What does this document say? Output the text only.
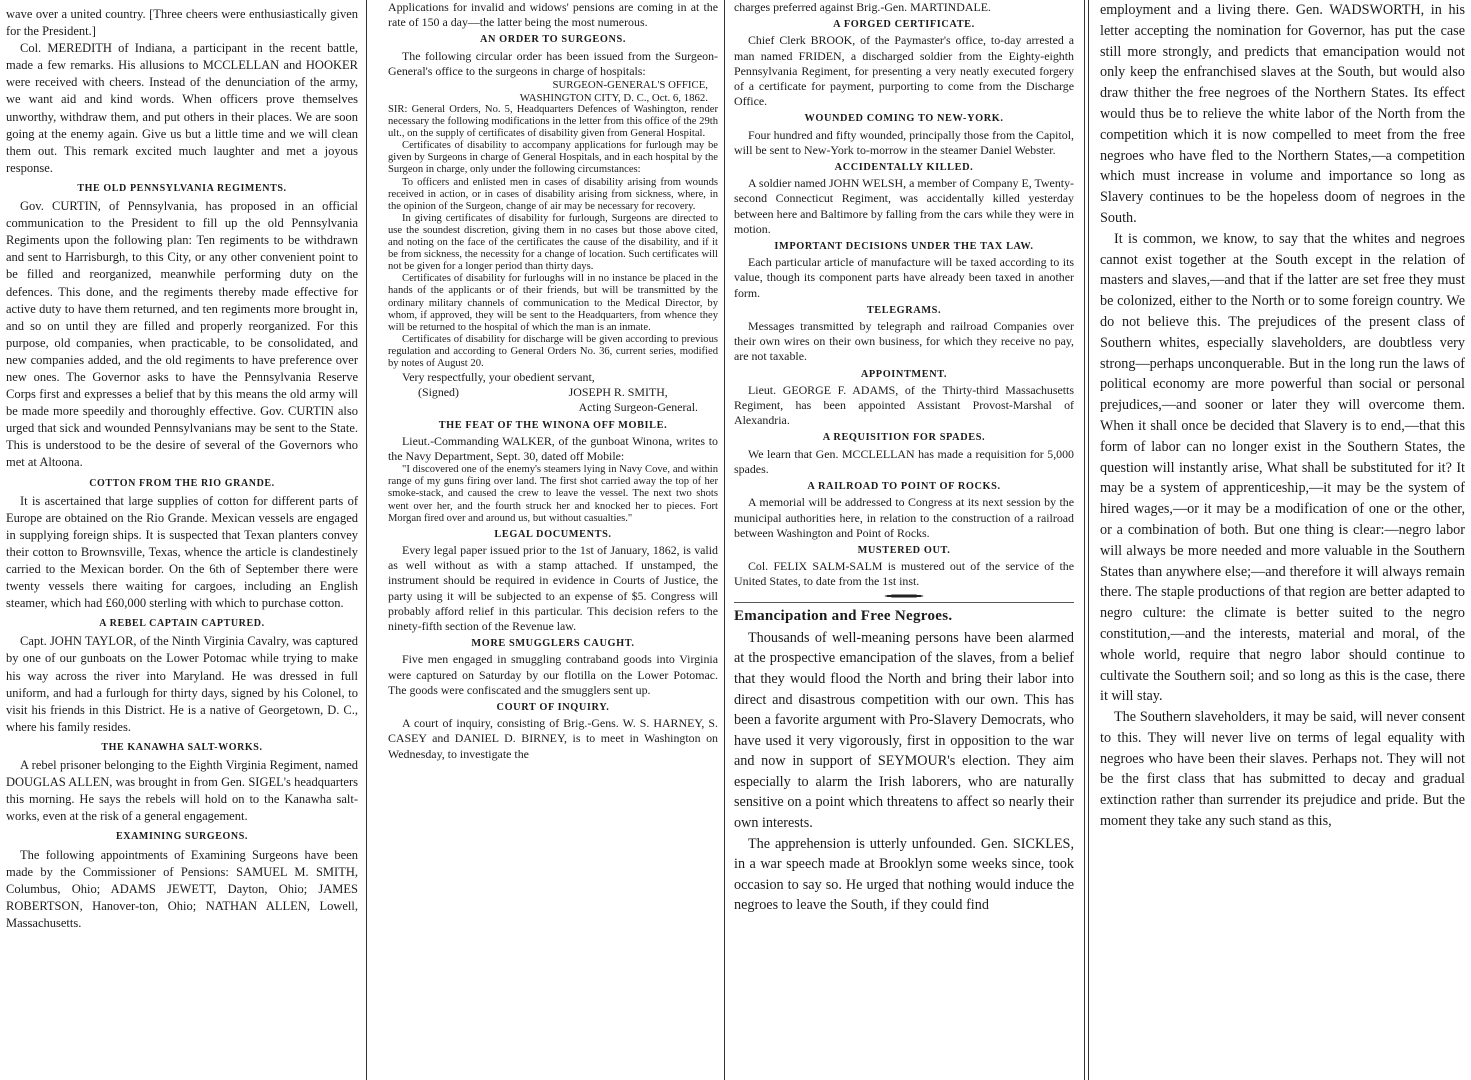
wave over a united country. [Three cheers were enthusiastically given for the President.]

Col. MEREDITH of Indiana, a participant in the recent battle, made a few remarks. His allusions to MCCLELLAN and HOOKER were received with cheers. Instead of the denunciation of the army, we want aid and kind words. When officers prove themselves unworthy, withdraw them, and put others in their places. We are soon going at the enemy again. Give us but a little time and we will clean them out. This remark excited much laughter and met a joyous response.

THE OLD PENNSYLVANIA REGIMENTS.

Gov. CURTIN, of Pennsylvania, has proposed in an official communication to the President to fill up the old Pennsylvania Regiments upon the following plan: Ten regiments to be withdrawn and sent to Harrisburgh, to this City, or any other convenient point to be filled and reorganized, meanwhile performing duty on the defences. This done, and the regiments thereby made effective for active duty to have them returned, and ten regiments more brought in, and so on until they are filled and properly reorganized. For this purpose, old companies, when practicable, to be consolidated, and new companies added, and the old regiments to have preference over new ones. The Governor asks to have the Pennsylvania Reserve Corps first and expresses a belief that by this means the old army will be made more speedily and thoroughly effective. Gov. CURTIN also urged that sick and wounded Pennsylvanians may be sent to the State. This is understood to be the desire of several of the Governors who met at Altoona.

COTTON FROM THE RIO GRANDE.

It is ascertained that large supplies of cotton for different parts of Europe are obtained on the Rio Grande. Mexican vessels are engaged in supplying foreign ships. It is suspected that Texan planters convey their cotton to Brownsville, Texas, whence the article is clandestinely carried to the Mexican border. On the 6th of September there were twenty vessels there waiting for cargoes, including an English steamer, which had £60,000 sterling with which to purchase cotton.

A REBEL CAPTAIN CAPTURED.

Capt. JOHN TAYLOR, of the Ninth Virginia Cavalry, was captured by one of our gunboats on the Lower Potomac while trying to make his way across the river into Maryland. He was dressed in full uniform, and had a furlough for thirty days, signed by his Colonel, to visit his friends in this District. He is a native of Georgetown, D. C., where his family resides.

THE KANAWHA SALT-WORKS.

A rebel prisoner belonging to the Eighth Virginia Regiment, named DOUGLAS ALLEN, was brought in from Gen. SIGEL's headquarters this morning. He says the rebels will hold on to the Kanawha salt-works, even at the risk of a general engagement.

EXAMINING SURGEONS.

The following appointments of Examining Surgeons have been made by the Commissioner of Pensions: SAMUEL M. SMITH, Columbus, Ohio; ADAMS JEWETT, Dayton, Ohio; JAMES ROBERTSON, Hanover-ton, Ohio; NATHAN ALLEN, Lowell, Massachusetts.

Applications for invalid and widows' pensions are coming in at the rate of 150 a day—the latter being the most numerous.

AN ORDER TO SURGEONS.

The following circular order has been issued from the Surgeon-General's office to the surgeons in charge of hospitals:

SURGEON-GENERAL'S OFFICE,

WASHINGTON CITY, D. C., Oct. 6, 1862.

SIR: General Orders, No. 5, Headquarters Defences of Washington, render necessary the following modifications in the letter from this office of the 29th ult., on the supply of certificates of disability given from General Hospital.

Certificates of disability to accompany applications for furlough may be given by Surgeons in charge of General Hospitals, and in each hospital by the Surgeon in charge, only under the following circumstances:

To officers and enlisted men in cases of disability arising from wounds received in action, or in cases of disability arising from sickness, where, in the opinion of the Surgeon, change of air may be necessary for recovery.

In giving certificates of disability for furlough, Surgeons are directed to use the soundest discretion, giving them in no cases but those above cited, and noting on the face of the certificates the cause of the disability, and if it be from sickness, the necessity for a change of location. Such certificates will not be given for a longer period than thirty days.

Certificates of disability for furloughs will in no instance be placed in the hands of the applicants or of their friends, but will be transmitted by the ordinary military channels of communication to the Medical Director, by whom, if approved, they will be sent to the Headquarters, from whence they will be returned to the hospital of which the man is an inmate.

Certificates of disability for discharge will be given according to previous regulation and according to General Orders No. 36, current series, modified by notes of August 20.

Very respectfully, your obedient servant,

(Signed)	JOSEPH R. SMITH,
Acting Surgeon-General.
THE FEAT OF THE WINONA OFF MOBILE.

Lieut.-Commanding WALKER, of the gunboat Winona, writes to the Navy Department, Sept. 30, dated off Mobile:

"I discovered one of the enemy's steamers lying in Navy Cove, and within range of my guns firing over land. The first shot carried away the top of her smoke-stack, and caused the crew to leave the vessel. The next two shots went over her, and the fourth struck her and knocked her to pieces. Fort Morgan fired over and around us, but without casualties."

LEGAL DOCUMENTS.

Every legal paper issued prior to the 1st of January, 1862, is valid as well without as with a stamp attached. If unstamped, the instrument should be required in evidence in Courts of Justice, the party using it will be subjected to an expense of $5. Congress will probably afford relief in this particular. This decision refers to the ninety-fifth section of the Revenue law.

MORE SMUGGLERS CAUGHT.

Five men engaged in smuggling contraband goods into Virginia were captured on Saturday by our flotilla on the Lower Potomac. The goods were confiscated and the smugglers sent up.

COURT OF INQUIRY.

A court of inquiry, consisting of Brig.-Gens. W. S. HARNEY, S. CASEY and DANIEL D. BIRNEY, is to meet in Washington on Wednesday, to investigate the

charges preferred against Brig.-Gen. MARTINDALE.

A FORGED CERTIFICATE.

Chief Clerk BROOK, of the Paymaster's office, to-day arrested a man named FRIDEN, a discharged soldier from the Eighty-eighth Pennsylvania Regiment, for presenting a very neatly executed forgery of a certificate for payment, purporting to come from the Discharge Office.

WOUNDED COMING TO NEW-YORK.

Four hundred and fifty wounded, principally those from the Capitol, will be sent to New-York to-morrow in the steamer Daniel Webster.

ACCIDENTALLY KILLED.

A soldier named JOHN WELSH, a member of Company E, Twenty-second Connecticut Regiment, was accidentally killed yesterday between here and Baltimore by falling from the cars while they were in motion.

IMPORTANT DECISIONS UNDER THE TAX LAW.

Each particular article of manufacture will be taxed according to its value, though its component parts have already been taxed in another form.

TELEGRAMS.

Messages transmitted by telegraph and railroad Companies over their own wires on their own business, for which they receive no pay, are not taxable.

APPOINTMENT.

Lieut. GEORGE F. ADAMS, of the Thirty-third Massachusetts Regiment, has been appointed Assistant Provost-Marshal of Alexandria.

A REQUISITION FOR SPADES.

We learn that Gen. MCCLELLAN has made a requisition for 5,000 spades.

A RAILROAD TO POINT OF ROCKS.

A memorial will be addressed to Congress at its next session by the municipal authorities here, in relation to the construction of a railroad between Washington and Point of Rocks.

MUSTERED OUT.

Col. FELIX SALM-SALM is mustered out of the service of the United States, to date from the 1st inst.

Emancipation and Free Negroes.

Thousands of well-meaning persons have been alarmed at the prospective emancipation of the slaves, from a belief that they would flood the North and bring their labor into direct and disastrous competition with our own. This has been a favorite argument with Pro-Slavery Democrats, who have used it very vigorously, first in opposition to the war and now in support of SEYMOUR's election. They aim especially to alarm the Irish laborers, who are naturally sensitive on a point which threatens to affect so nearly their own interests.

The apprehension is utterly unfounded. Gen. SICKLES, in a war speech made at Brooklyn some weeks since, took occasion to say so. He urged that nothing would induce the negroes to leave the South, if they could find

employment and a living there. Gen. WADSWORTH, in his letter accepting the nomination for Governor, has put the case still more strongly, and predicts that emancipation would not only keep the enfranchised slaves at the South, but would also draw thither the free negroes of the Northern States. Its effect would thus be to relieve the white labor of the North from the competition which it is now compelled to meet from the free negroes who have fled to the Northern States,—a competition which must increase in volume and importance so long as Slavery continues to be the hopeless doom of negroes in the South.

It is common, we know, to say that the whites and negroes cannot exist together at the South except in the relation of masters and slaves,—and that if the latter are set free they must be colonized, either to the North or to some foreign country. We do not believe this. The prejudices of the present class of Southern whites, especially slaveholders, are doubtless very strong—perhaps unconquerable. But in the long run the laws of political economy are more powerful than social or personal prejudices,—and sooner or later they will overcome them. When it shall once be decided that Slavery is to end,—that this form of labor can no longer exist in the Southern States, the question will instantly arise, What shall be substituted for it? It may be a system of apprenticeship,—it may be the system of hired wages,—or it may be a modification of one or the other, or a combination of both. But one thing is clear:—negro labor will always be more needed and more valuable in the Southern States than anywhere else;—and therefore it will always remain there. The staple productions of that region are better adapted to negro culture: the climate is better suited to the negro constitution,—and the interests, material and moral, of the whole world, require that negro labor should continue to cultivate the Southern soil; and so long as this is the case, there it will stay.

The Southern slaveholders, it may be said, will never consent to this. They will never live on terms of legal equality with negroes who have been their slaves. Perhaps not. They will not be the first class that has submitted to decay and gradual extinction rather than surrender its prejudice and pride. But the moment they take any such stand as this,
